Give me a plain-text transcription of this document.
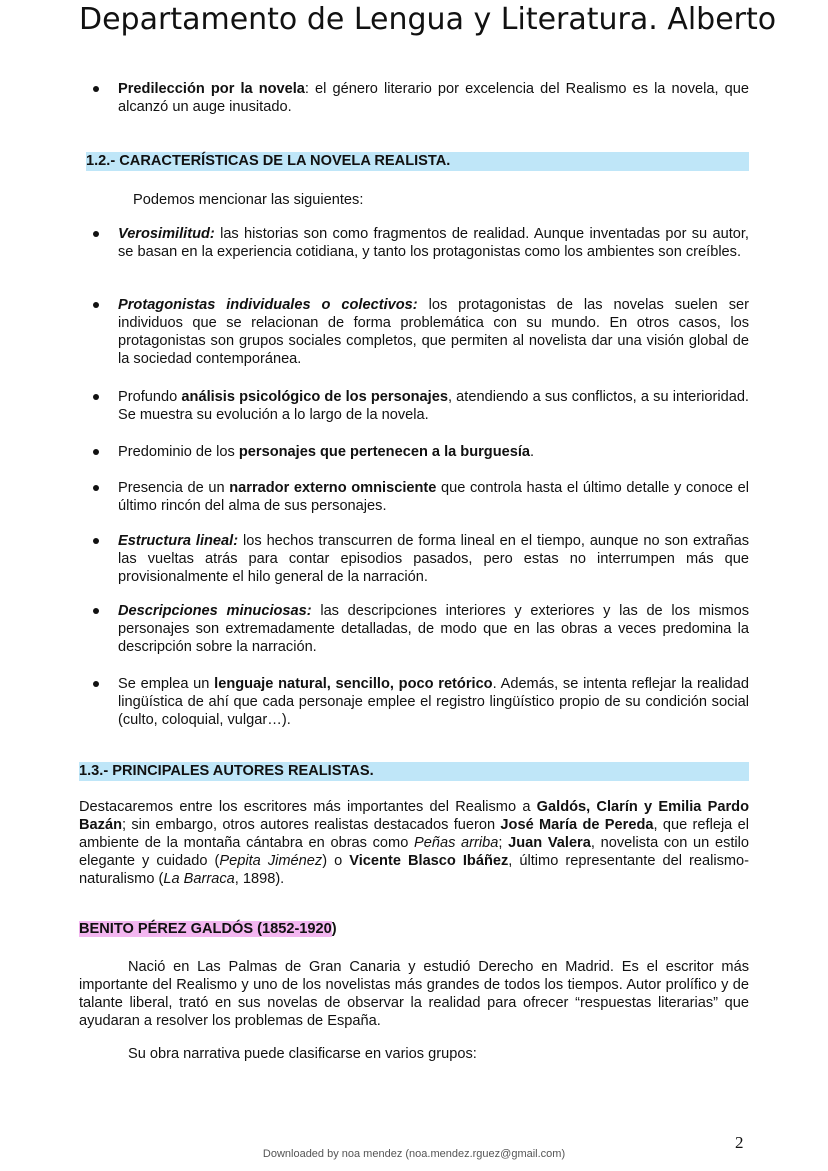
Departamento de Lengua y Literatura. Alberto

Predilección por la novela: el género literario por excelencia del Realismo es la novela, que alcanzó un auge inusitado.

1.2.- CARACTERÍSTICAS DE LA NOVELA REALISTA.

Podemos mencionar las siguientes:

Verosimilitud: las historias son como fragmentos de realidad. Aunque inventadas por su autor, se basan en la experiencia cotidiana, y tanto los protagonistas como los ambientes son creíbles.

Protagonistas individuales o colectivos: los protagonistas de las novelas suelen ser individuos que se relacionan de forma problemática con su mundo. En otros casos, los protagonistas son grupos sociales completos, que permiten al novelista dar una visión global de la sociedad contemporánea.

Profundo análisis psicológico de los personajes, atendiendo a sus conflictos, a su interioridad. Se muestra su evolución a lo largo de la novela.

Predominio de los personajes que pertenecen a la burguesía.

Presencia de un narrador externo omnisciente que controla hasta el último detalle y conoce el último rincón del alma de sus personajes.

Estructura lineal: los hechos transcurren de forma lineal en el tiempo, aunque no son extrañas las vueltas atrás para contar episodios pasados, pero estas no interrumpen más que provisionalmente el hilo general de la narración.

Descripciones minuciosas: las descripciones interiores y exteriores y las de los mismos personajes son extremadamente detalladas, de modo que en las obras a veces predomina la descripción sobre la narración.

Se emplea un lenguaje natural, sencillo, poco retórico. Además, se intenta reflejar la realidad lingüística de ahí que cada personaje emplee el registro lingüístico propio de su condición social (culto, coloquial, vulgar…).

1.3.- PRINCIPALES AUTORES REALISTAS.

Destacaremos entre los escritores más importantes del Realismo a Galdós, Clarín y Emilia Pardo Bazán; sin embargo, otros autores realistas destacados fueron José María de Pereda, que refleja el ambiente de la montaña cántabra en obras como Peñas arriba; Juan Valera, novelista con un estilo elegante y cuidado (Pepita Jiménez) o Vicente Blasco Ibáñez, último representante del realismo-naturalismo (La Barraca, 1898).

BENITO PÉREZ GALDÓS (1852-1920)

Nació en Las Palmas de Gran Canaria y estudió Derecho en Madrid. Es el escritor más importante del Realismo y uno de los novelistas más grandes de todos los tiempos. Autor prolífico y de talante liberal, trató en sus novelas de observar la realidad para ofrecer “respuestas literarias” que ayudaran a resolver los problemas de España.

Su obra narrativa puede clasificarse en varios grupos:

2
Downloaded by noa mendez (noa.mendez.rguez@gmail.com)
